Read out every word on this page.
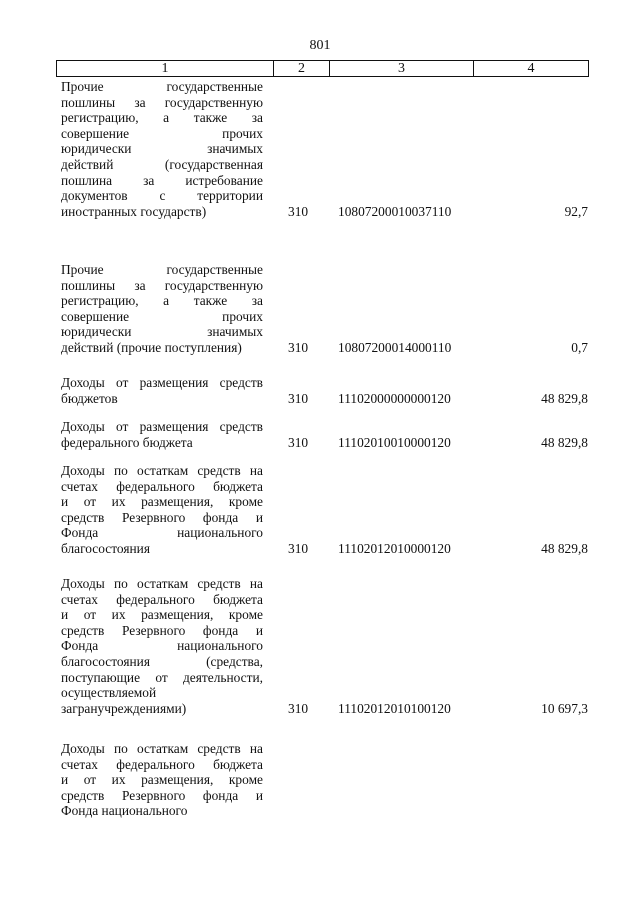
801
1	2	3	4
Прочие государственные
пошлины за государственную
регистрацию, а также за
совершение прочих
юридически значимых
действий (государственная
пошлина за истребование
документов с территории
иностранных государств)	310 10807200010037110	92,7
Прочие государственные
пошлины за государственную
регистрацию, а также за
совершение прочих
юридически значимых
действий (прочие поступления)	310 10807200014000110	0,7
Доходы от размещения средств
бюджетов	310 11102000000000120	48 829,8
Доходы от размещения средств
федерального бюджета	310 11102010010000120	48 829,8
Доходы по остаткам средств на
счетах федерального бюджета
и от их размещения, кроме
средств Резервного фонда и
Фонда национального
благосостояния	310 11102012010000120	48 829,8
Доходы по остаткам средств на
счетах федерального бюджета
и от их размещения, кроме
средств Резервного фонда и
Фонда национального
благосостояния (средства,
поступающие от деятельности,
осуществляемой
загранучреждениями)	310 11102012010100120	10 697,3
Доходы по остаткам средств на
счетах федерального бюджета
и от их размещения, кроме
средств Резервного фонда и
Фонда национального
